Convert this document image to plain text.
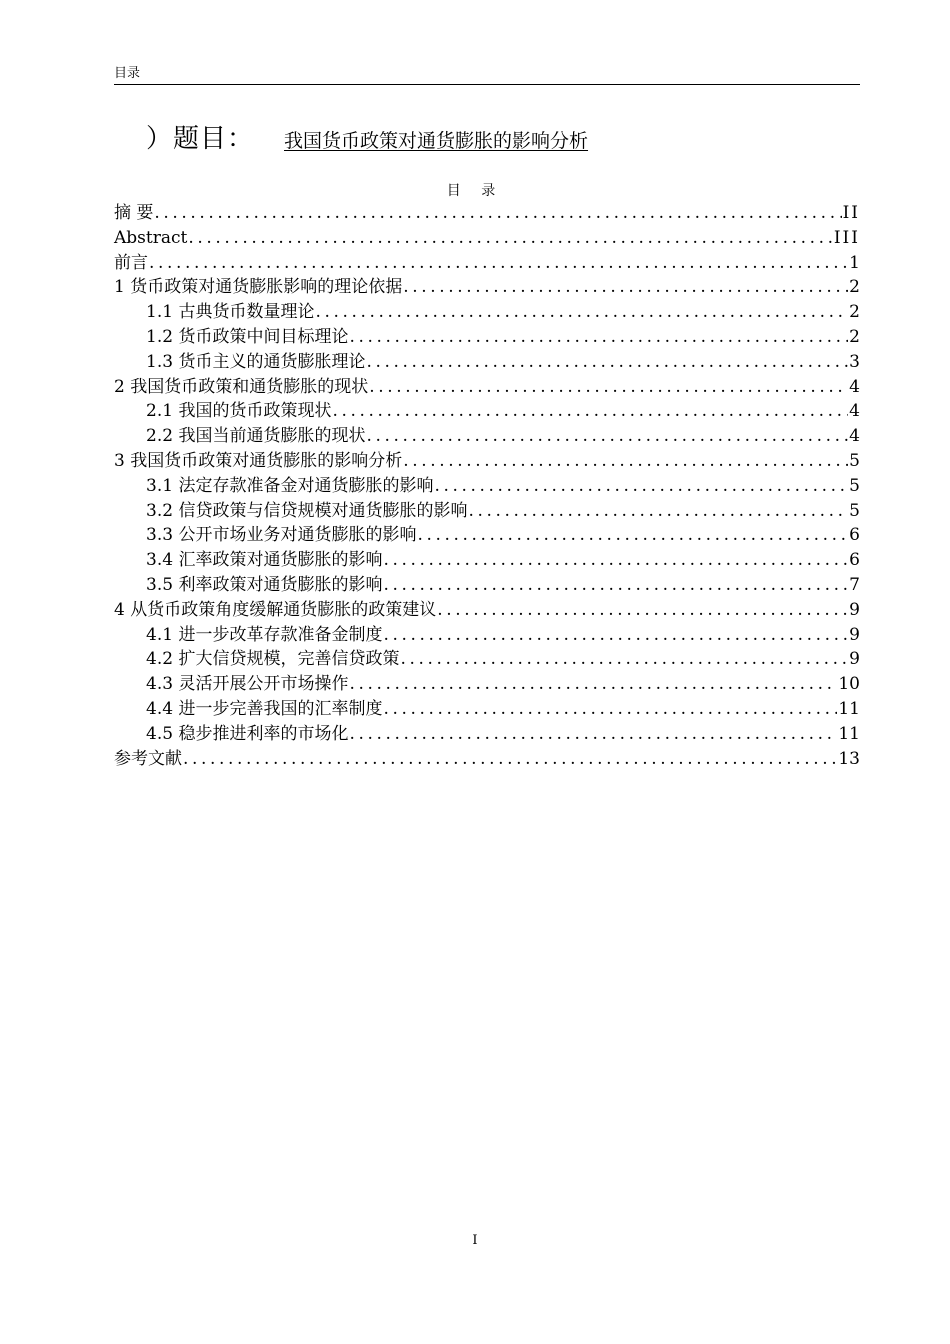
目录
）题目： 我国货币政策对通货膨胀的影响分析
目 录
摘 要 .....	II
Abstract .....	III
前言 .....	1
1 货币政策对通货膨胀影响的理论依据 .....	2
1.1 古典货币数量理论 .....	2
1.2 货币政策中间目标理论 .....	2
1.3 货币主义的通货膨胀理论 .....	3
2 我国货币政策和通货膨胀的现状 .....	4
2.1 我国的货币政策现状 .....	4
2.2 我国当前通货膨胀的现状 .....	4
3 我国货币政策对通货膨胀的影响分析 .....	5
3.1 法定存款准备金对通货膨胀的影响 .....	5
3.2 信贷政策与信贷规模对通货膨胀的影响 .....	5
3.3 公开市场业务对通货膨胀的影响 .....	6
3.4 汇率政策对通货膨胀的影响 .....	6
3.5 利率政策对通货膨胀的影响 .....	7
4 从货币政策角度缓解通货膨胀的政策建议 .....	9
4.1 进一步改革存款准备金制度 .....	9
4.2 扩大信贷规模，完善信贷政策 .....	9
4.3 灵活开展公开市场操作 .....	10
4.4 进一步完善我国的汇率制度 .....	11
4.5 稳步推进利率的市场化 .....	11
参考文献 .....	13
I
